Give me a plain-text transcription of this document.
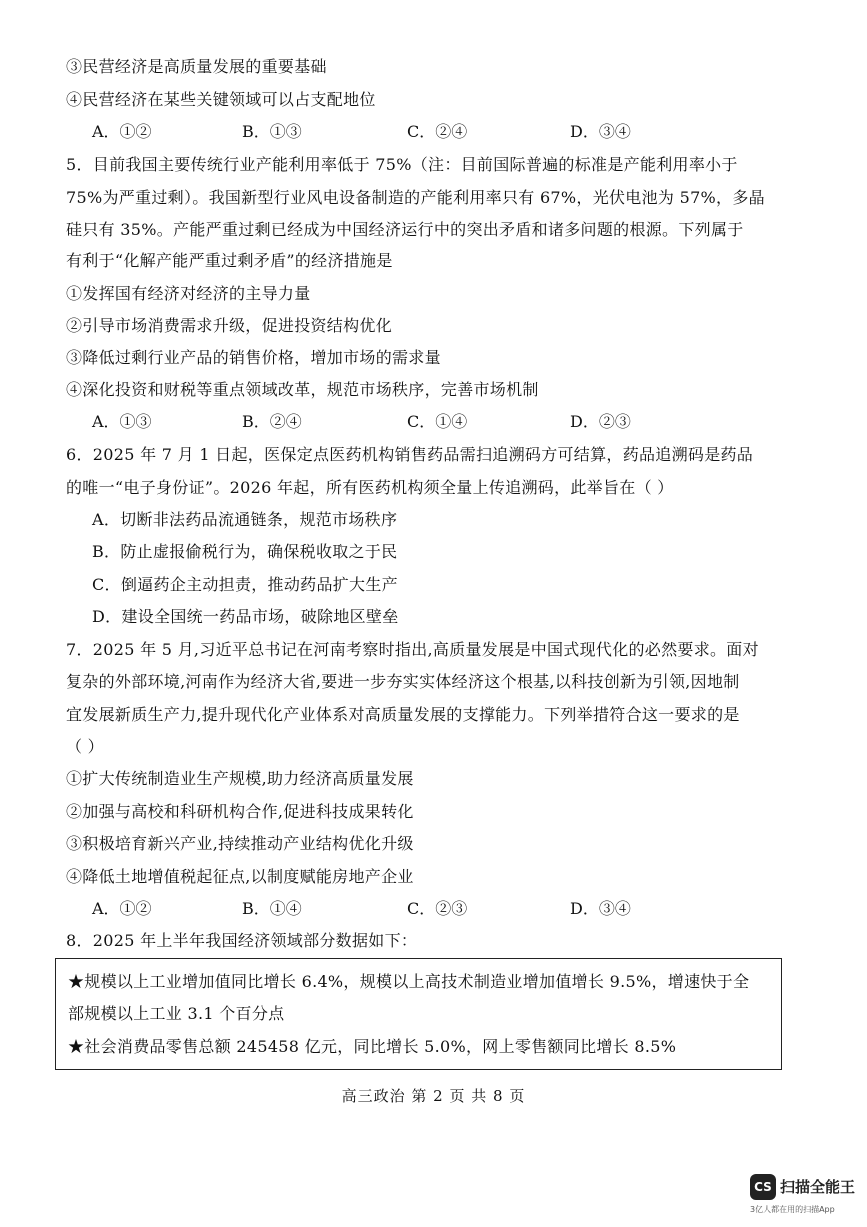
③民营经济是高质量发展的重要基础
④民营经济在某些关键领域可以占支配地位
A．①②	B．①③	C．②④	D．③④
5．目前我国主要传统行业产能利用率低于 75%（注：目前国际普遍的标准是产能利用率小于
75%为严重过剩）。我国新型行业风电设备制造的产能利用率只有 67%，光伏电池为 57%，多晶
硅只有 35%。产能严重过剩已经成为中国经济运行中的突出矛盾和诸多问题的根源。下列属于
有利于“化解产能严重过剩矛盾”的经济措施是
①发挥国有经济对经济的主导力量
②引导市场消费需求升级，促进投资结构优化
③降低过剩行业产品的销售价格，增加市场的需求量
④深化投资和财税等重点领域改革，规范市场秩序，完善市场机制
A．①③	B．②④	C．①④	D．②③
6．2025 年 7 月 1 日起，医保定点医药机构销售药品需扫追溯码方可结算，药品追溯码是药品
的唯一“电子身份证”。2026 年起，所有医药机构须全量上传追溯码，此举旨在（ ）
A．切断非法药品流通链条，规范市场秩序
B．防止虚报偷税行为，确保税收取之于民
C．倒逼药企主动担责，推动药品扩大生产
D．建设全国统一药品市场，破除地区壁垒
7．2025 年 5 月,习近平总书记在河南考察时指出,高质量发展是中国式现代化的必然要求。面对
复杂的外部环境,河南作为经济大省,要进一步夯实实体经济这个根基,以科技创新为引领,因地制
宜发展新质生产力,提升现代化产业体系对高质量发展的支撑能力。下列举措符合这一要求的是
（ ）
①扩大传统制造业生产规模,助力经济高质量发展
②加强与高校和科研机构合作,促进科技成果转化
③积极培育新兴产业,持续推动产业结构优化升级
④降低土地增值税起征点,以制度赋能房地产企业
A．①②	B．①④	C．②③	D．③④
8．2025 年上半年我国经济领域部分数据如下：
★规模以上工业增加值同比增长 6.4%，规模以上高技术制造业增加值增长 9.5%，增速快于全
部规模以上工业 3.1 个百分点
★社会消费品零售总额 245458 亿元，同比增长 5.0%，网上零售额同比增长 8.5%
高三政治 第 2 页 共 8 页
CS 扫描全能王
3亿人都在用的扫描App
